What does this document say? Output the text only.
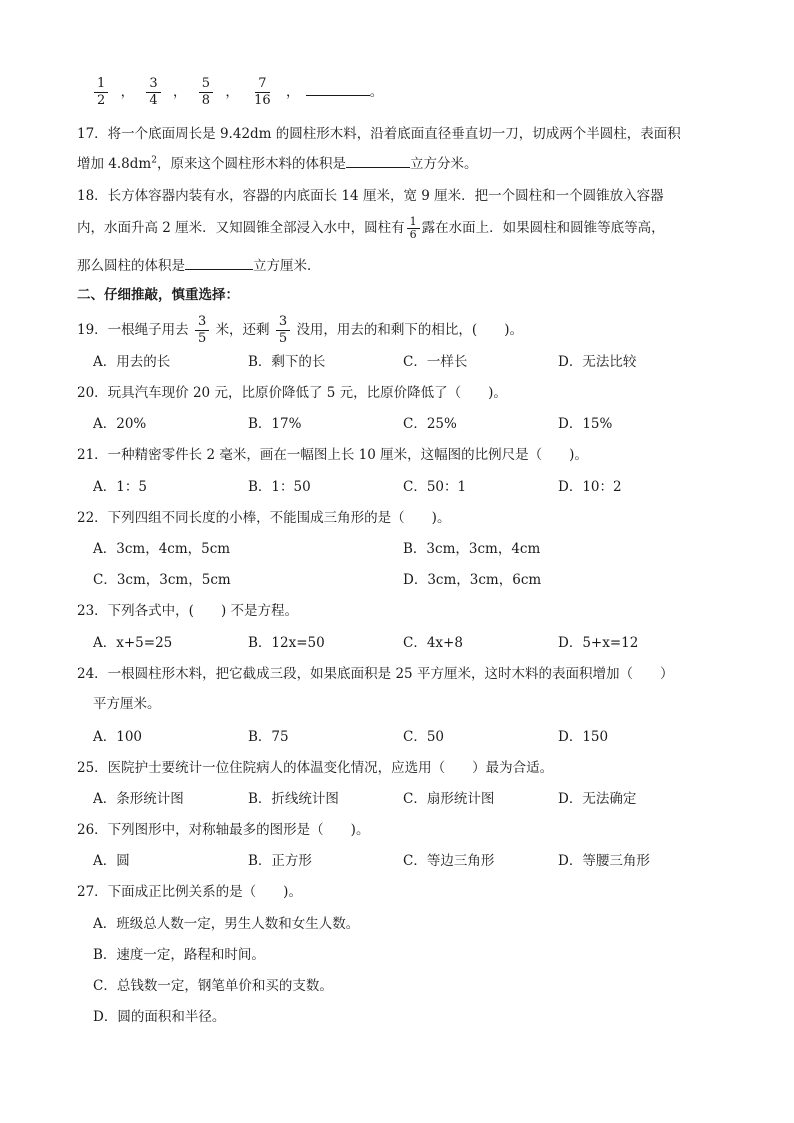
$\frac{1}{2}$ ， $\frac{3}{4}$ ， $\frac{5}{8}$ ， $\frac{7}{16}$ ，	。
17．将一个底面周长是 9.42dm 的圆柱形木料，沿着底面直径垂直切一刀，切成两个半圆柱，表面积
增加 $4.8dm^2$，原来这个圆柱形木料的体积是	立方分米。
18．长方体容器内装有水，容器的内底面长 14 厘米，宽 9 厘米．把一个圆柱和一个圆锥放入容器
内，水面升高 2 厘米．又知圆锥全部浸入水中，圆柱有 $\frac{1}{6}$ 露在水面上．如果圆柱和圆锥等底等高，
那么圆柱的体积是	立方厘米．
二、仔细推敲，慎重选择：
19．一根绳子用去 $\frac{3}{5}$ 米，还剩 $\frac{3}{5}$ 没用，用去的和剩下的相比，(　　)。
A．用去的长	B．剩下的长	C．一样长	D．无法比较
20．玩具汽车现价 20 元，比原价降低了 5 元，比原价降低了（　　)。
A．20%	B．17%	C．25%	D．15%
21．一种精密零件长 2 毫米，画在一幅图上长 10 厘米，这幅图的比例尺是（　　)。
A．1：5	B．1：50	C．50：1	D．10：2
22．下列四组不同长度的小棒，不能围成三角形的是（　　)。
A．3cm，4cm，5cm	B．3cm，3cm，4cm
C．3cm，3cm，5cm	D．3cm，3cm，6cm
23．下列各式中，(　　) 不是方程。
A．x+5=25	B．12x=50	C．4x+8	D．5+x=12
24．一根圆柱形木料，把它截成三段，如果底面积是 25 平方厘米，这时木料的表面积增加（　　）
平方厘米。
A．100	B．75	C．50	D．150
25．医院护士要统计一位住院病人的体温变化情况，应选用（　　）最为合适。
A．条形统计图	B．折线统计图	C．扇形统计图	D．无法确定
26．下列图形中，对称轴最多的图形是（　　)。
A．圆	B．正方形	C．等边三角形	D．等腰三角形
27．下面成正比例关系的是（　　)。
A．班级总人数一定，男生人数和女生人数。
B．速度一定，路程和时间。
C．总钱数一定，钢笔单价和买的支数。
D．圆的面积和半径。
